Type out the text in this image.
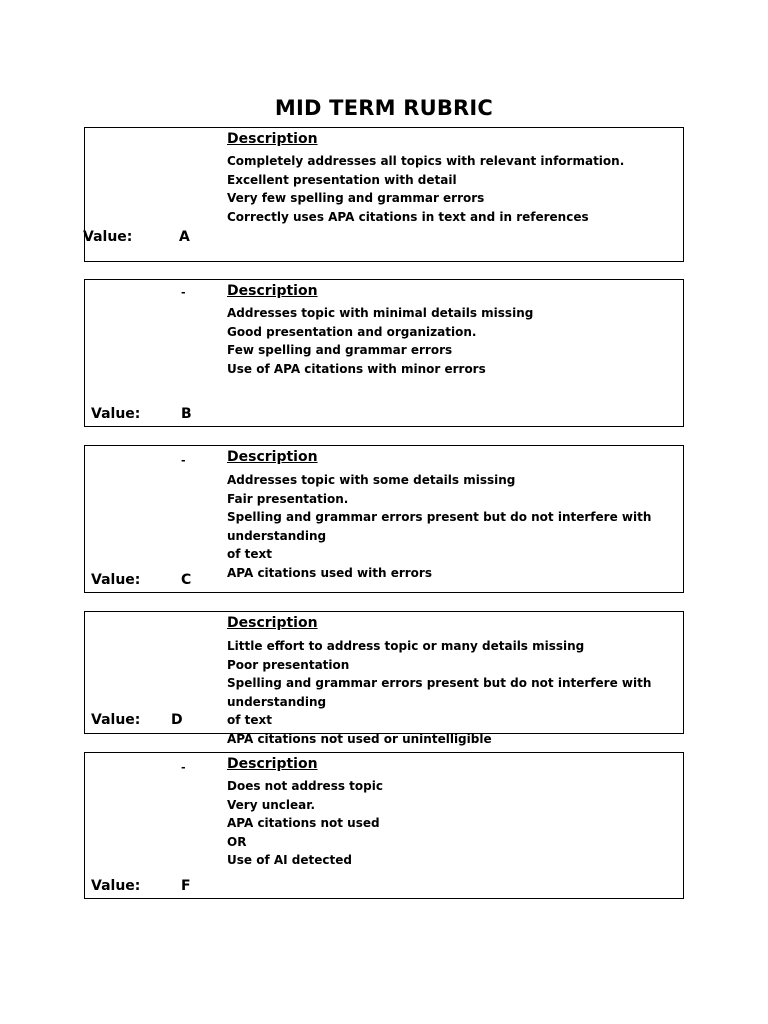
MID TERM RUBRIC
Description
Completely addresses all topics with relevant information.
Excellent presentation with detail
Very few spelling and grammar errors
Correctly uses APA citations in text and in references
Value:	A
-	Description
Addresses topic with minimal details missing
Good presentation and organization.
Few spelling and grammar errors
Use of APA citations with minor errors
Value:	B
-	Description
Addresses topic with some details missing
Fair presentation.
Spelling and grammar errors present but do not interfere with understanding
of text
APA citations used with errors
Value:	C
Description
Little effort to address topic or many details missing
Poor presentation
Spelling and grammar errors present but do not interfere with understanding
of text
APA citations not used or unintelligible
Value: D
-	Description
Does not address topic
Very unclear.
APA citations not used
OR
Use of AI detected
Value:	F
